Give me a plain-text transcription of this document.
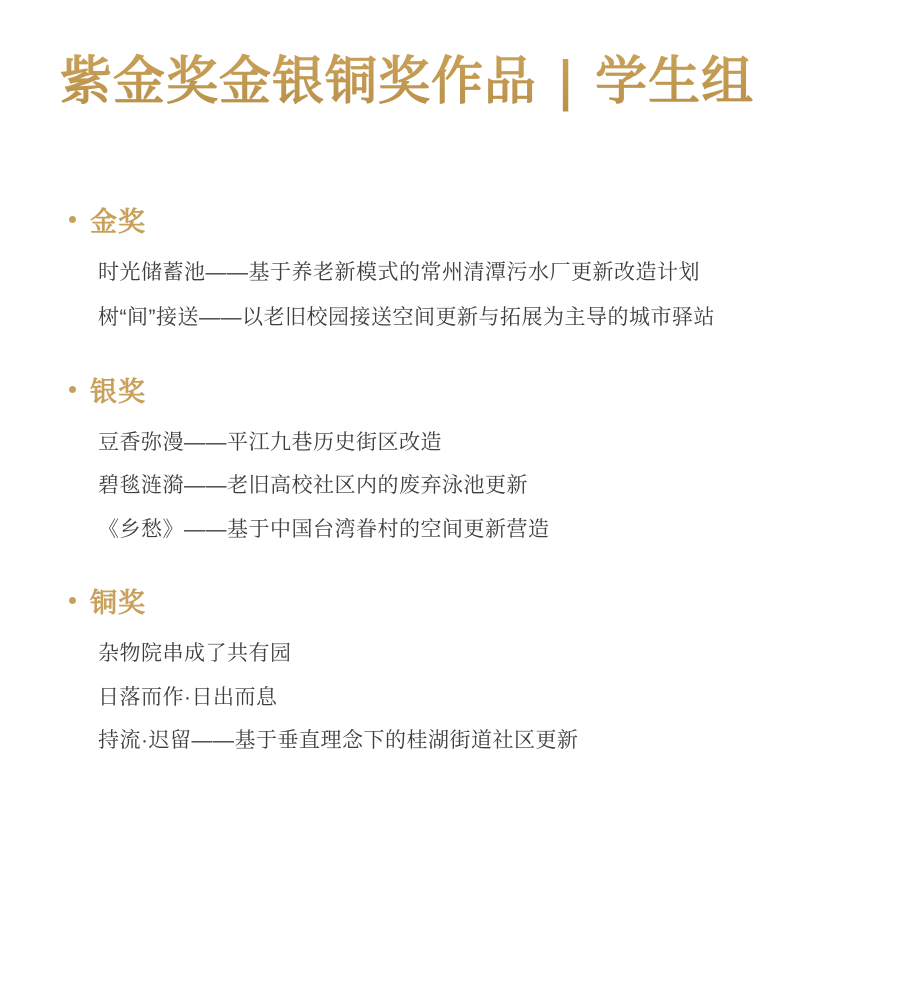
紫金奖金银铜奖作品 | 学生组
金奖
时光储蓄池——基于养老新模式的常州清潭污水厂更新改造计划
树“间”接送——以老旧校园接送空间更新与拓展为主导的城市驿站
银奖
豆香弥漫——平江九巷历史街区改造
碧毯涟漪——老旧高校社区内的废弃泳池更新
《乡愁》——基于中国台湾眷村的空间更新营造
铜奖
杂物院串成了共有园
日落而作·日出而息
持流·迟留——基于垂直理念下的桂湖街道社区更新
